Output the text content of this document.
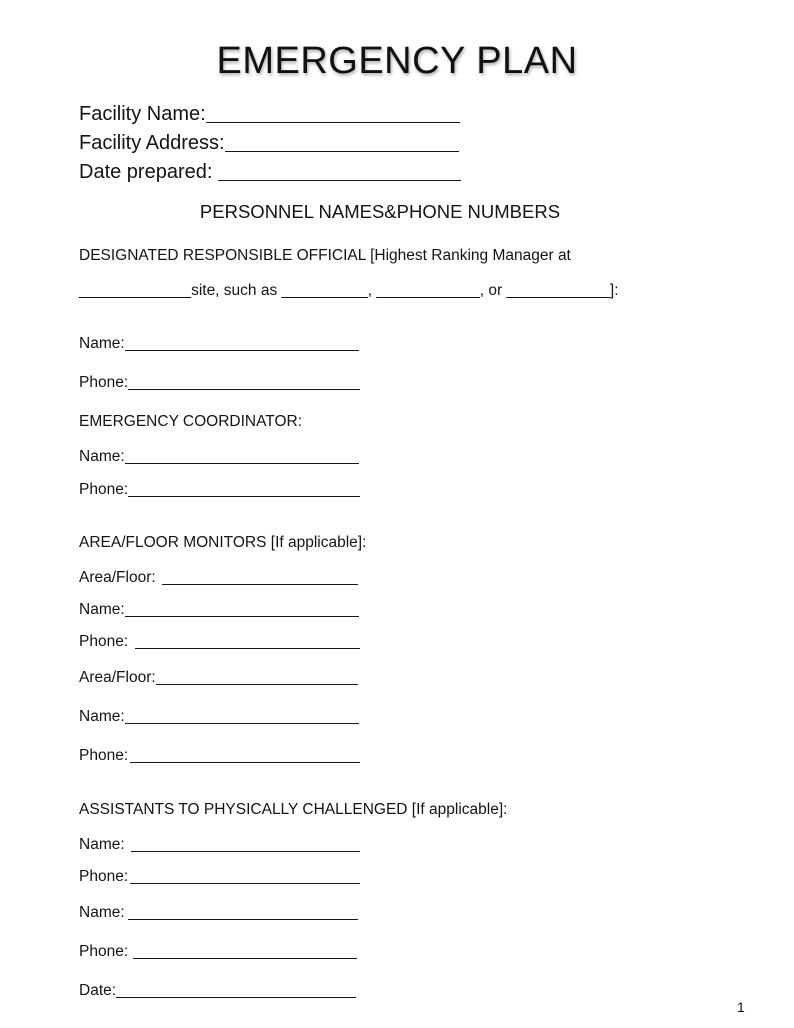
EMERGENCY PLAN
Facility Name:
Facility Address:
Date prepared:
PERSONNEL NAMES&PHONE NUMBERS
DESIGNATED RESPONSIBLE OFFICIAL [Highest Ranking Manager at
_____________site, such as __________, ____________, or ____________]:
Name:
Phone:
EMERGENCY COORDINATOR:
Name:
Phone:
AREA/FLOOR MONITORS [If applicable]:
Area/Floor:
Name:
Phone:
Area/Floor:
Name:
Phone:
ASSISTANTS TO PHYSICALLY CHALLENGED [If applicable]:
Name:
Phone:
Name:
Phone:
Date:
1
